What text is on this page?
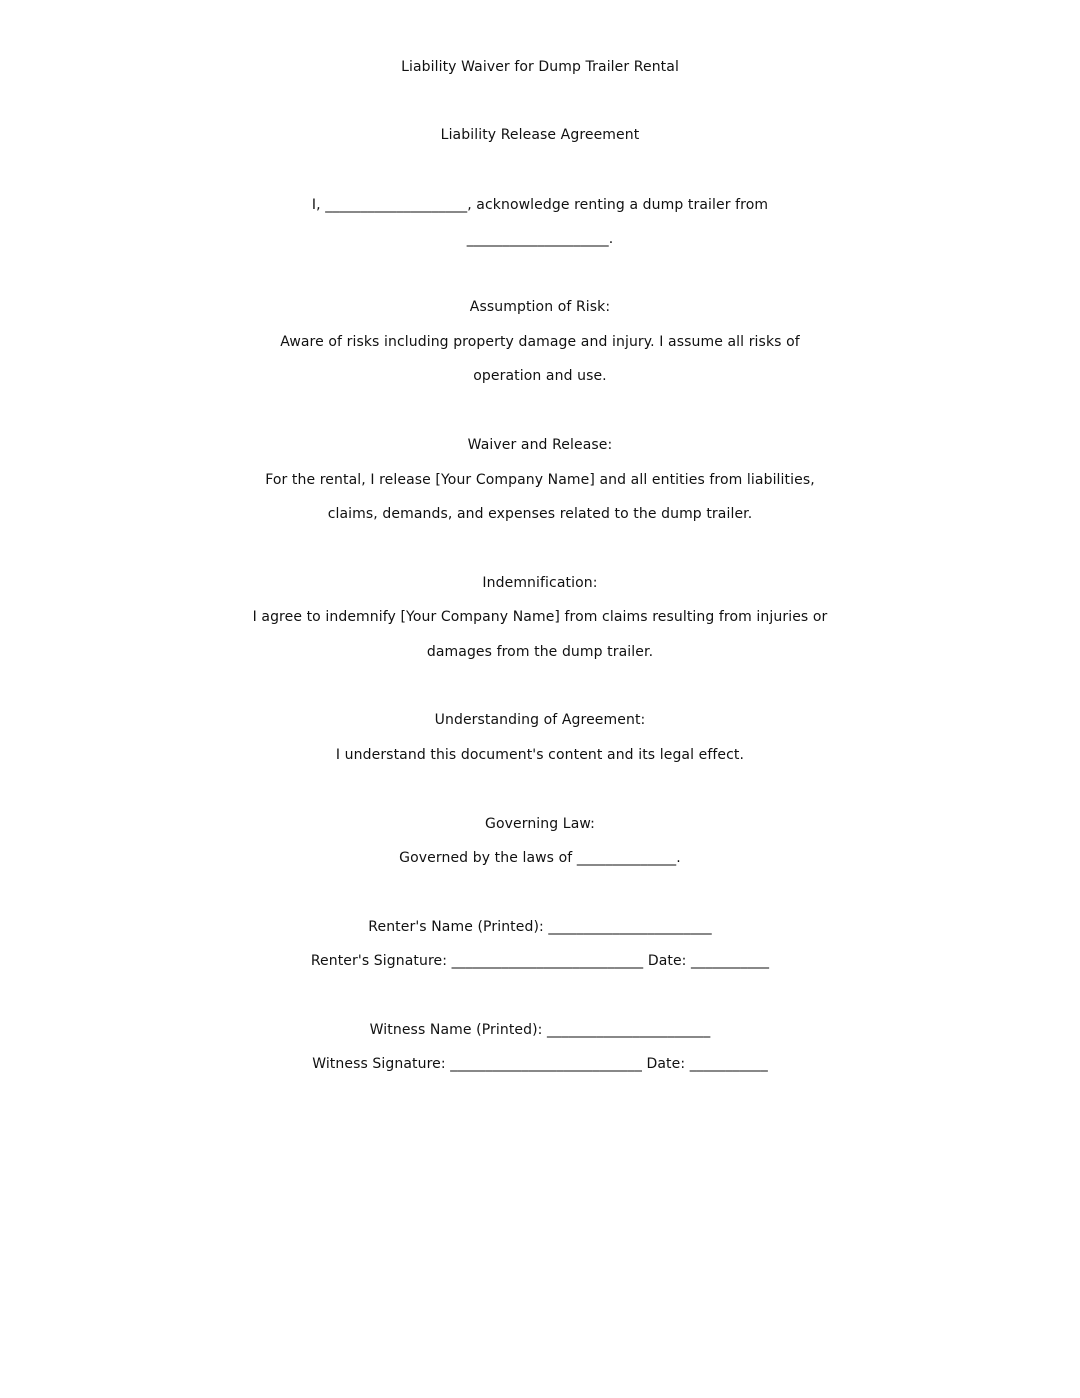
Liability Waiver for Dump Trailer Rental
Liability Release Agreement
I, ____________________, acknowledge renting a dump trailer from
____________________.
Assumption of Risk:
Aware of risks including property damage and injury. I assume all risks of
operation and use.
Waiver and Release:
For the rental, I release [Your Company Name] and all entities from liabilities,
claims, demands, and expenses related to the dump trailer.
Indemnification:
I agree to indemnify [Your Company Name] from claims resulting from injuries or
damages from the dump trailer.
Understanding of Agreement:
I understand this document's content and its legal effect.
Governing Law:
Governed by the laws of ______________.
Renter's Name (Printed): _______________________
Renter's Signature: ___________________________ Date: ___________
Witness Name (Printed): _______________________
Witness Signature: ___________________________ Date: ___________
